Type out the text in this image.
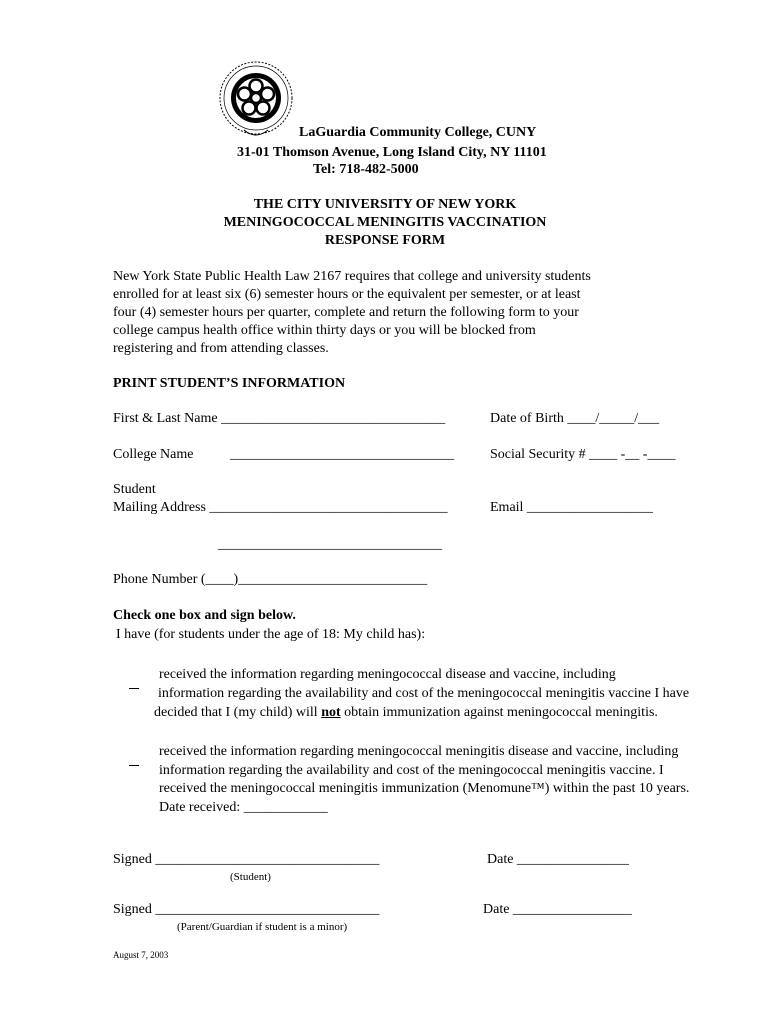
LaGuardia Community College, CUNY
31-01 Thomson Avenue, Long Island City, NY 11101
Tel: 718-482-5000
THE CITY UNIVERSITY OF NEW YORK
MENINGOCOCCAL MENINGITIS VACCINATION
RESPONSE FORM
New York State Public Health Law 2167 requires that college and university students
enrolled for at least six (6) semester hours or the equivalent per semester, or at least
four (4) semester hours per quarter, complete and return the following form to your
college campus health office within thirty days or you will be blocked from
registering and from attending classes.
PRINT STUDENT’S INFORMATION
First & Last Name ________________________________	Date of Birth ____/_____/___
College Name	________________________________	Social Security # ____ -__ -____
Student
Mailing Address __________________________________	Email __________________
________________________________
Phone Number (____)___________________________
Check one box and sign below.
I have (for students under the age of 18: My child has):
received the information regarding meningococcal disease and vaccine, including
information regarding the availability and cost of the meningococcal meningitis vaccine I have
decided that I (my child) will not obtain immunization against meningococcal meningitis.
received the information regarding meningococcal meningitis disease and vaccine, including
information regarding the availability and cost of the meningococcal meningitis vaccine. I
received the meningococcal meningitis immunization (Menomune™) within the past 10 years.
Date received: ____________
Signed ________________________________	Date ________________
(Student)
Signed ________________________________	Date _________________
(Parent/Guardian if student is a minor)
August 7, 2003
